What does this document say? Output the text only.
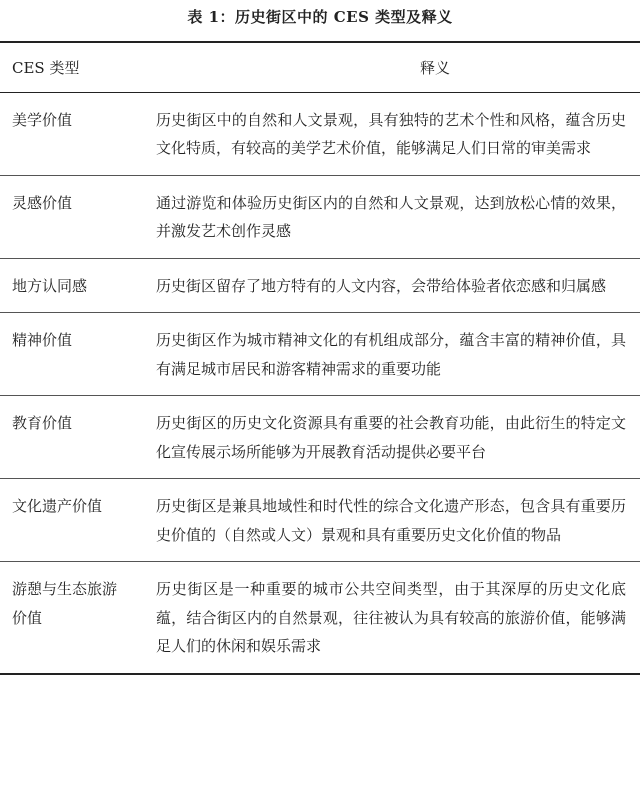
表 1：历史街区中的 CES 类型及释义
CES 类型	释义
美学价值	历史街区中的自然和人文景观，具有独特的艺术个性和风格，蕴含历史文化特质，有较高的美学艺术价值，能够满足人们日常的审美需求
灵感价值	通过游览和体验历史街区内的自然和人文景观，达到放松心情的效果，并激发艺术创作灵感
地方认同感	历史街区留存了地方特有的人文内容，会带给体验者依恋感和归属感
精神价值	历史街区作为城市精神文化的有机组成部分，蕴含丰富的精神价值，具有满足城市居民和游客精神需求的重要功能
教育价值	历史街区的历史文化资源具有重要的社会教育功能，由此衍生的特定文化宣传展示场所能够为开展教育活动提供必要平台
文化遗产价值	历史街区是兼具地域性和时代性的综合文化遗产形态，包含具有重要历史价值的（自然或人文）景观和具有重要历史文化价值的物品
游憩与生态旅游价值	历史街区是一种重要的城市公共空间类型，由于其深厚的历史文化底蕴，结合街区内的自然景观，往往被认为具有较高的旅游价值，能够满足人们的休闲和娱乐需求
